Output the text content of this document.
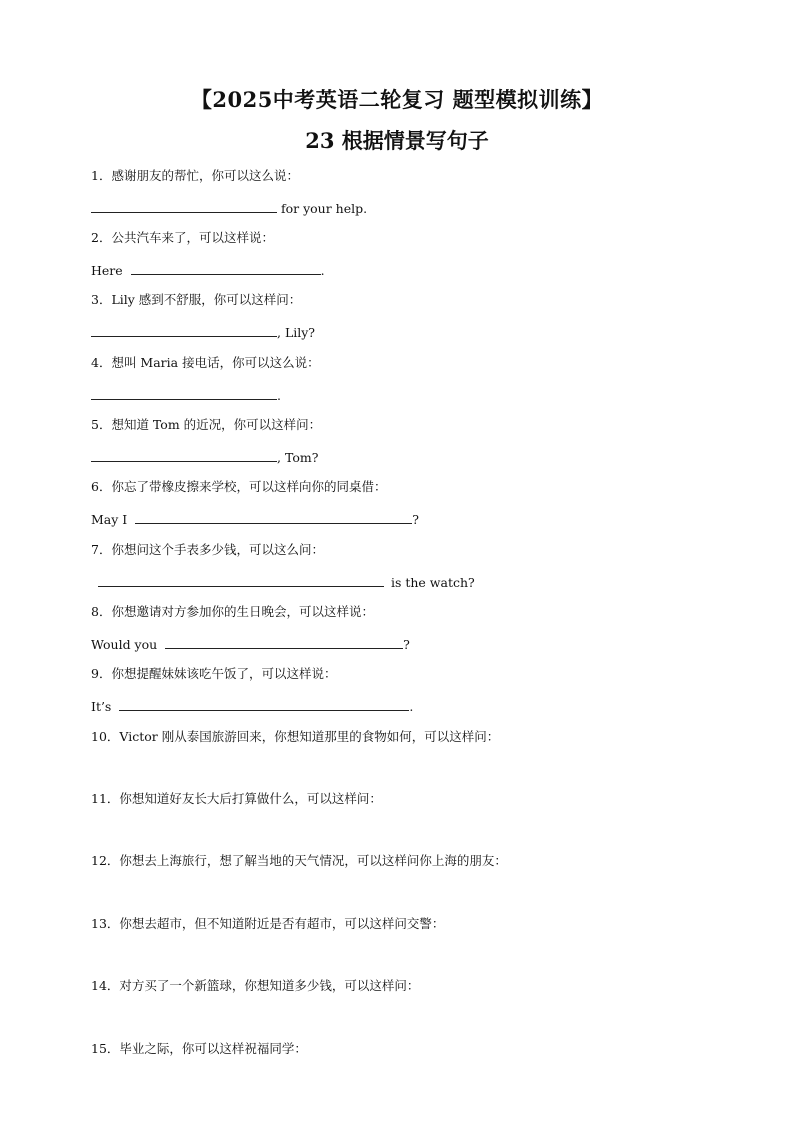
【2025中考英语二轮复习 题型模拟训练】
23 根据情景写句子
1．感谢朋友的帮忙，你可以这么说：
for your help.
2．公共汽车来了，可以这样说：
Here	.
3．Lily 感到不舒服，你可以这样问：
, Lily?
4．想叫 Maria 接电话，你可以这么说：
.
5．想知道 Tom 的近况，你可以这样问：
, Tom?
6．你忘了带橡皮擦来学校，可以这样向你的同桌借：
May I	?
7．你想问这个手表多少钱，可以这么问：
is the watch?
8．你想邀请对方参加你的生日晚会，可以这样说：
Would you	?
9．你想提醒妹妹该吃午饭了，可以这样说：
It’s	.
10．Victor 刚从泰国旅游回来，你想知道那里的食物如何，可以这样问：
11．你想知道好友长大后打算做什么，可以这样问：
12．你想去上海旅行，想了解当地的天气情况，可以这样问你上海的朋友：
13．你想去超市，但不知道附近是否有超市，可以这样问交警：
14．对方买了一个新篮球，你想知道多少钱，可以这样问：
15．毕业之际，你可以这样祝福同学：
